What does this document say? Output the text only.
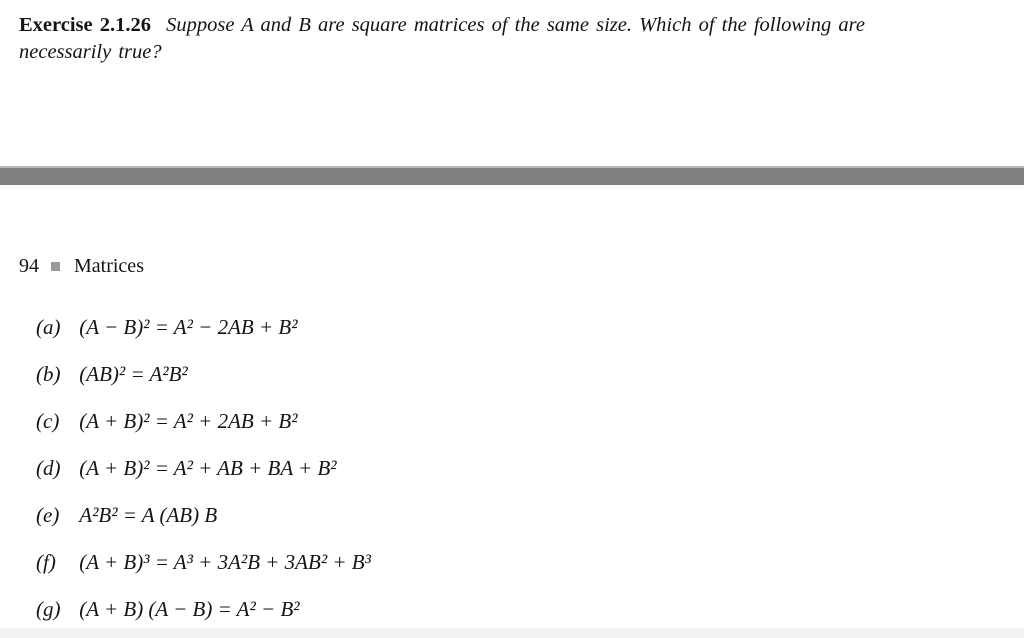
Exercise 2.1.26 Suppose A and B are square matrices of the same size. Which of the following are necessarily true?
94 Matrices
(a) (A − B)² = A² − 2AB + B²
(b) (AB)² = A²B²
(c) (A + B)² = A² + 2AB + B²
(d) (A + B)² = A² + AB + BA + B²
(e) A²B² = A (AB) B
(f) (A + B)³ = A³ + 3A²B + 3AB² + B³
(g) (A + B) (A − B) = A² − B²
